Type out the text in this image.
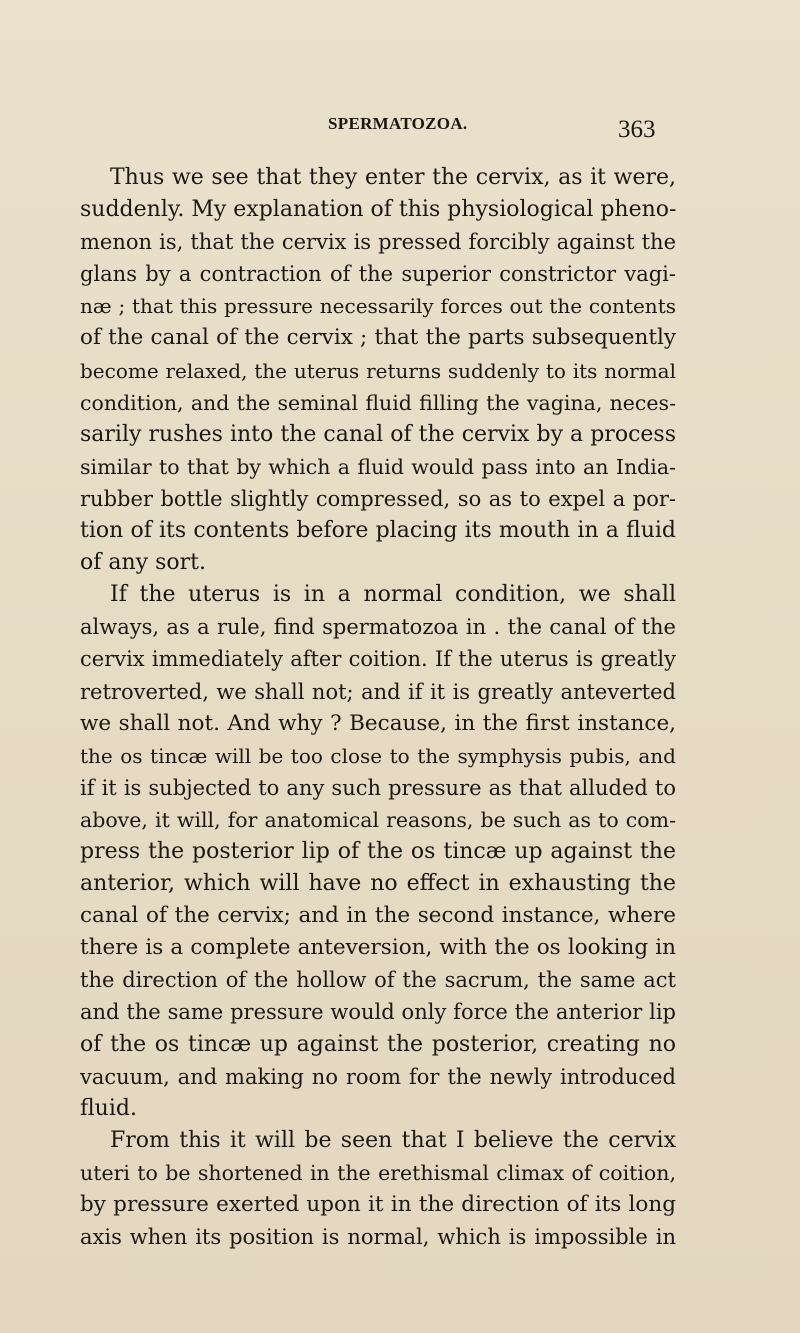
SPERMATOZOA.	363
Thus we see that they enter the cervix, as it were,
suddenly. My explanation of this physiological pheno-
menon is, that the cervix is pressed forcibly against the
glans by a contraction of the superior constrictor vagi-
næ ; that this pressure necessarily forces out the contents
of the canal of the cervix ; that the parts subsequently
become relaxed, the uterus returns suddenly to its normal
condition, and the seminal fluid filling the vagina, neces-
sarily rushes into the canal of the cervix by a process
similar to that by which a fluid would pass into an India-
rubber bottle slightly compressed, so as to expel a por-
tion of its contents before placing its mouth in a fluid
of any sort.
If the uterus is in a normal condition, we shall
always, as a rule, find spermatozoa in . the canal of the
cervix immediately after coition. If the uterus is greatly
retroverted, we shall not; and if it is greatly anteverted
we shall not. And why ? Because, in the first instance,
the os tincæ will be too close to the symphysis pubis, and
if it is subjected to any such pressure as that alluded to
above, it will, for anatomical reasons, be such as to com-
press the posterior lip of the os tincæ up against the
anterior, which will have no effect in exhausting the
canal of the cervix; and in the second instance, where
there is a complete anteversion, with the os looking in
the direction of the hollow of the sacrum, the same act
and the same pressure would only force the anterior lip
of the os tincæ up against the posterior, creating no
vacuum, and making no room for the newly introduced
fluid.
From this it will be seen that I believe the cervix
uteri to be shortened in the erethismal climax of coition,
by pressure exerted upon it in the direction of its long
axis when its position is normal, which is impossible in
